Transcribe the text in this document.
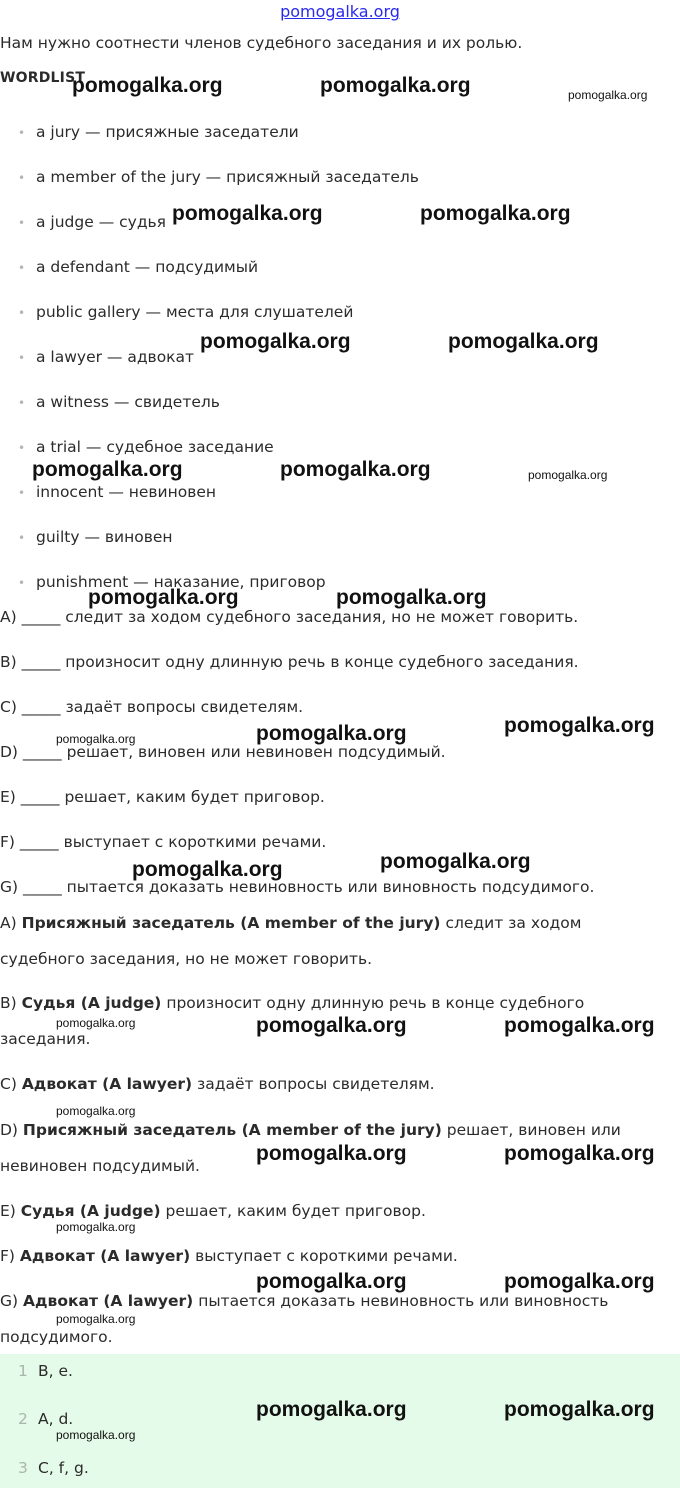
pomogalka.org
Нам нужно соотнести членов судебного заседания и их ролью.
WORDLIST
• a jury — присяжные заседатели
• a member of the jury — присяжный заседатель
• a judge — судья
• a defendant — подсудимый
• public gallery — места для слушателей
• a lawyer — адвокат
• a witness — свидетель
• a trial — судебное заседание
• innocent — невиновен
• guilty — виновен
• punishment — наказание, приговор
A) _____ следит за ходом судебного заседания, но не может говорить.
B) _____ произносит одну длинную речь в конце судебного заседания.
C) _____ задаёт вопросы свидетелям.
D) _____ решает, виновен или невиновен подсудимый.
E) _____ решает, каким будет приговор.
F) _____ выступает с короткими речами.
G) _____ пытается доказать невиновность или виновность подсудимого.
A) Присяжный заседатель (A member of the jury) следит за ходом судебного заседания, но не может говорить.
B) Судья (A judge) произносит одну длинную речь в конце судебного заседания.
C) Адвокат (A lawyer) задаёт вопросы свидетелям.
D) Присяжный заседатель (A member of the jury) решает, виновен или невиновен подсудимый.
E) Судья (A judge) решает, каким будет приговор.
F) Адвокат (A lawyer) выступает с короткими речами.
G) Адвокат (A lawyer) пытается доказать невиновность или виновность подсудимого.
1 B, e.
2 A, d.
3 C, f, g.
pomogalka.org	pomogalka.org	pomogalka.org
pomogalka.org	pomogalka.org
pomogalka.org	pomogalka.org
pomogalka.org	pomogalka.org	pomogalka.org
pomogalka.org	pomogalka.org
pomogalka.org	pomogalka.org	pomogalka.org
pomogalka.org	pomogalka.org
pomogalka.org	pomogalka.org	pomogalka.org
pomogalka.org
pomogalka.org	pomogalka.org
pomogalka.org
pomogalka.org	pomogalka.org
pomogalka.org
pomogalka.org	pomogalka.org
pomogalka.org
